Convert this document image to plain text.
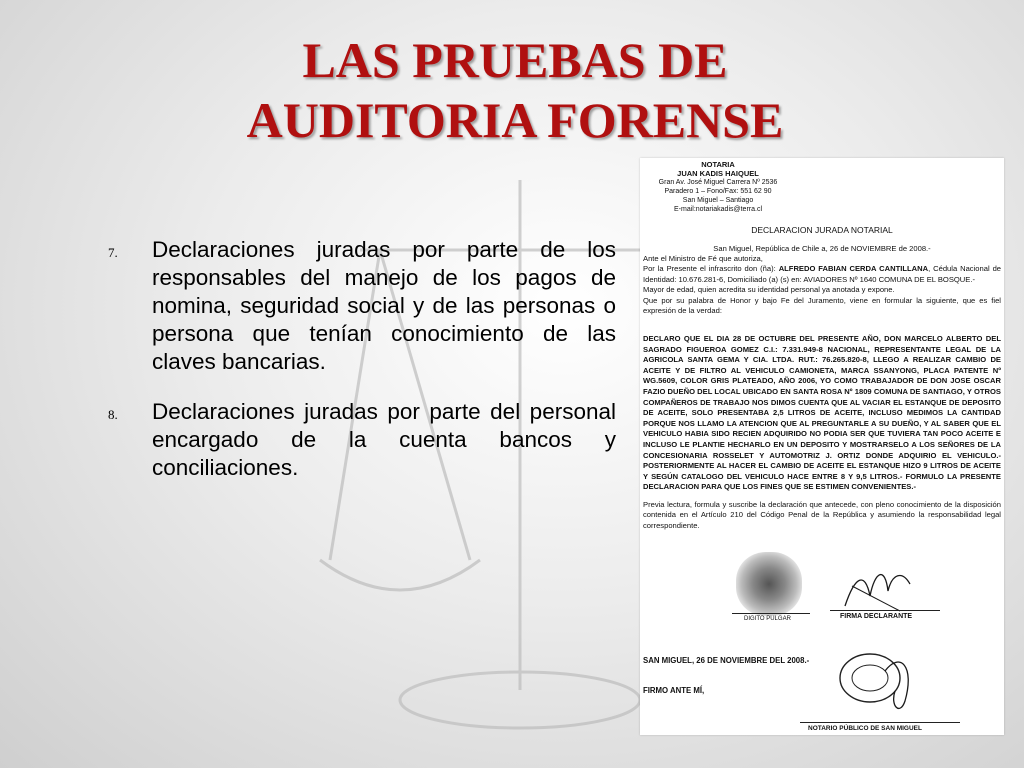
LAS PRUEBAS DE
AUDITORIA FORENSE
7. Declaraciones juradas por parte de los responsables del manejo de los pagos de nomina, seguridad social y de las personas o persona que tenían conocimiento de las claves bancarias.
8. Declaraciones juradas por parte del personal encargado de la cuenta bancos y conciliaciones.
NOTARIA
JUAN KADIS HAIQUEL
Gran Av. José Miguel Carrera Nº 2536
Paradero 1 – Fono/Fax: 551 62 90
San Miguel – Santiago
E-mail:notariakadis@terra.cl
DECLARACION JURADA NOTARIAL
San Miguel, República de Chile a, 26 de NOVIEMBRE de 2008.-
Ante el Ministro de Fé que autoriza,
Por la Presente el infrascrito don (ña): ALFREDO FABIAN CERDA CANTILLANA, Cédula Nacional de Identidad: 10.676.281-6, Domiciliado (a) (s) en: AVIADORES Nº 1640 COMUNA DE EL BOSQUE.-
Mayor de edad, quien acredita su identidad personal ya anotada y expone.
Que por su palabra de Honor y bajo Fe del Juramento, viene en formular la siguiente, que es fiel expresión de la verdad:
DECLARO QUE EL DIA 28 DE OCTUBRE DEL PRESENTE AÑO, DON MARCELO ALBERTO DEL SAGRADO FIGUEROA GOMEZ C.I.: 7.331.949-8 NACIONAL, REPRESENTANTE LEGAL DE LA AGRICOLA SANTA GEMA Y CIA. LTDA. RUT.: 76.265.820-8, LLEGO A REALIZAR CAMBIO DE ACEITE Y DE FILTRO AL VEHICULO CAMIONETA, MARCA SSANYONG, PLACA PATENTE Nº WG.5609, COLOR GRIS PLATEADO, AÑO 2006, YO COMO TRABAJADOR DE DON JOSE OSCAR FAZIO DUEÑO DEL LOCAL UBICADO EN SANTA ROSA Nº 1809 COMUNA DE SANTIAGO, Y OTROS COMPAÑEROS DE TRABAJO NOS DIMOS CUENTA QUE AL VACIAR EL ESTANQUE DE DEPOSITO DE ACEITE, SOLO PRESENTABA 2,5 LITROS DE ACEITE, INCLUSO MEDIMOS LA CANTIDAD PORQUE NOS LLAMO LA ATENCION QUE AL PREGUNTARLE A SU DUEÑO, Y AL SABER QUE EL VEHICULO HABIA SIDO RECIEN ADQUIRIDO NO PODIA SER QUE TUVIERA TAN POCO ACEITE E INCLUSO LE PLANTIE HECHARLO EN UN DEPOSITO Y MOSTRARSELO A LOS SEÑORES DE LA CONCESIONARIA ROSSELET Y AUTOMOTRIZ J. ORTIZ DONDE ADQUIRIO EL VEHICULO.- POSTERIORMENTE AL HACER EL CAMBIO DE ACEITE EL ESTANQUE HIZO 9 LITROS DE ACEITE Y SEGÚN CATALOGO DEL VEHICULO HACE ENTRE 8 Y 9,5 LITROS.- FORMULO LA PRESENTE DECLARACION PARA QUE LOS FINES QUE SE ESTIMEN CONVENIENTES.-
Previa lectura, formula y suscribe la declaración que antecede, con pleno conocimiento de la disposición contenida en el Artículo 210 del Código Penal de la República y asumiendo la responsabilidad legal correspondiente.
DIGITO PULGAR	FIRMA DECLARANTE
SAN MIGUEL, 26 DE NOVIEMBRE DEL 2008.-
FIRMO ANTE MÍ,
NOTARIO PÚBLICO DE SAN MIGUEL
